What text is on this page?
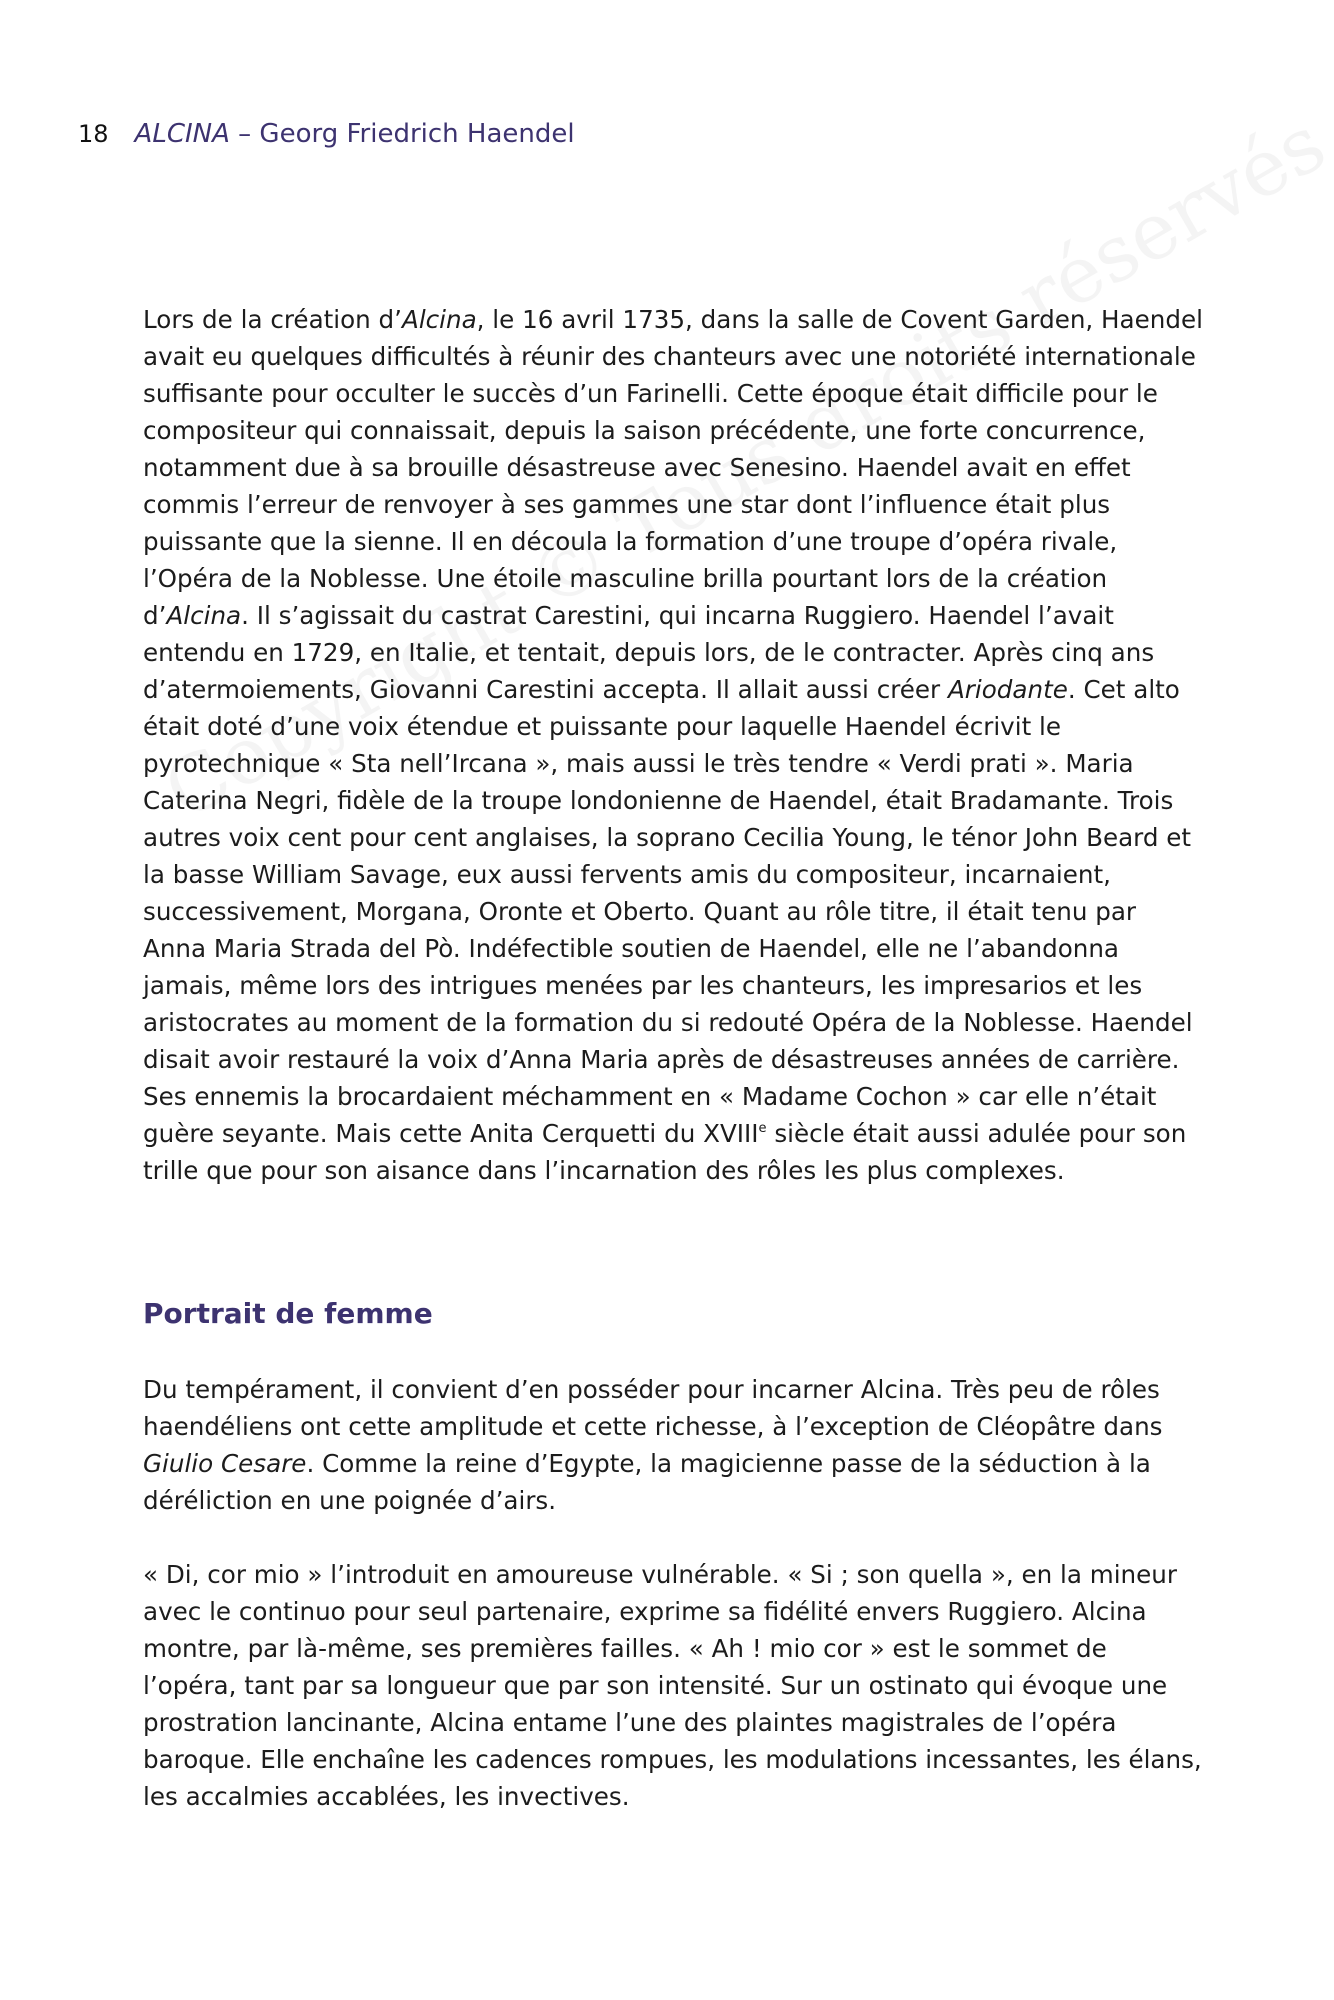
18 ALCINA – Georg Friedrich Haendel

Lors de la création d’Alcina, le 16 avril 1735, dans la salle de Covent Garden, Haendel avait eu quelques difficultés à réunir des chanteurs avec une notoriété internationale suffisante pour occulter le succès d’un Farinelli. Cette époque était difficile pour le compositeur qui connaissait, depuis la saison précédente, une forte concurrence, notamment due à sa brouille désastreuse avec Senesino. Haendel avait en effet commis l’erreur de renvoyer à ses gammes une star dont l’influence était plus puissante que la sienne. Il en découla la formation d’une troupe d’opéra rivale, l’Opéra de la Noblesse. Une étoile masculine brilla pourtant lors de la création d’Alcina. Il s’agissait du castrat Carestini, qui incarna Ruggiero. Haendel l’avait entendu en 1729, en Italie, et tentait, depuis lors, de le contracter. Après cinq ans d’atermoiements, Giovanni Carestini accepta. Il allait aussi créer Ariodante. Cet alto était doté d’une voix étendue et puissante pour laquelle Haendel écrivit le pyrotechnique « Sta nell’Ircana », mais aussi le très tendre « Verdi prati ». Maria Caterina Negri, fidèle de la troupe londonienne de Haendel, était Bradamante. Trois autres voix cent pour cent anglaises, la soprano Cecilia Young, le ténor John Beard et la basse William Savage, eux aussi fervents amis du compositeur, incarnaient, successivement, Morgana, Oronte et Oberto. Quant au rôle titre, il était tenu par Anna Maria Strada del Pò. Indéfectible soutien de Haendel, elle ne l’abandonna jamais, même lors des intrigues menées par les chanteurs, les impresarios et les aristocrates au moment de la formation du si redouté Opéra de la Noblesse. Haendel disait avoir restauré la voix d’Anna Maria après de désastreuses années de carrière. Ses ennemis la brocardaient méchamment en « Madame Cochon » car elle n’était guère seyante. Mais cette Anita Cerquetti du XVIIIe siècle était aussi adulée pour son trille que pour son aisance dans l’incarnation des rôles les plus complexes.

Portrait de femme

Du tempérament, il convient d’en posséder pour incarner Alcina. Très peu de rôles haendéliens ont cette amplitude et cette richesse, à l’exception de Cléopâtre dans Giulio Cesare. Comme la reine d’Egypte, la magicienne passe de la séduction à la déréliction en une poignée d’airs.

« Di, cor mio » l’introduit en amoureuse vulnérable. « Si ; son quella », en la mineur avec le continuo pour seul partenaire, exprime sa fidélité envers Ruggiero. Alcina montre, par là-même, ses premières failles. « Ah ! mio cor » est le sommet de l’opéra, tant par sa longueur que par son intensité. Sur un ostinato qui évoque une prostration lancinante, Alcina entame l’une des plaintes magistrales de l’opéra baroque. Elle enchaîne les cadences rompues, les modulations incessantes, les élans, les accalmies accablées, les invectives.
